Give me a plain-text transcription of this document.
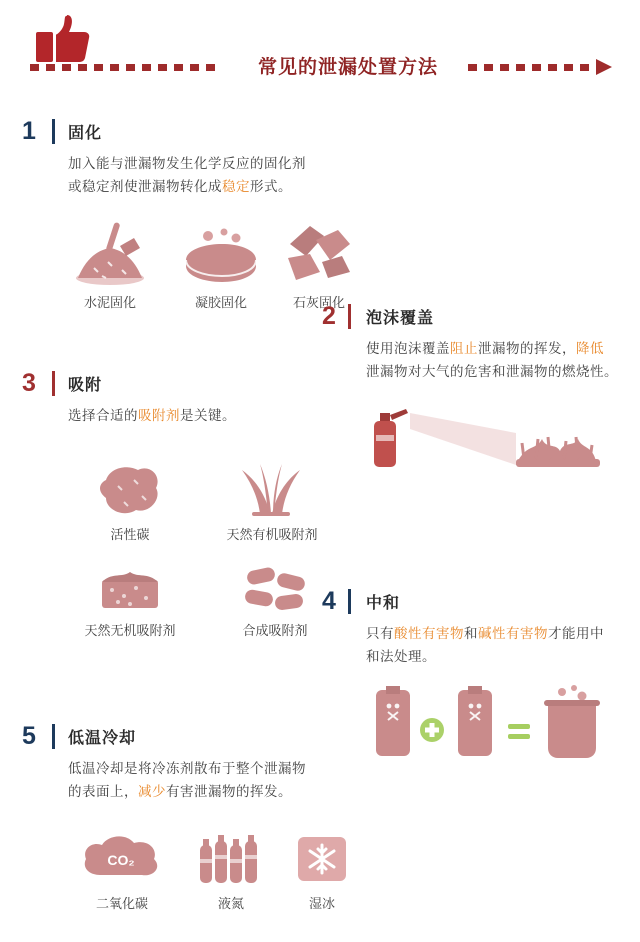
常见的泄漏处置方法
1 固化
加入能与泄漏物发生化学反应的固化剂
或稳定剂使泄漏物转化成稳定形式。
水泥固化	凝胶固化	石灰固化
2 泡沫覆盖
使用泡沫覆盖阻止泄漏物的挥发，降低
泄漏物对大气的危害和泄漏物的燃烧性。
3 吸附
选择合适的吸附剂是关键。
活性碳	天然有机吸附剂
天然无机吸附剂	合成吸附剂
4 中和
只有酸性有害物和碱性有害物才能用中
和法处理。
5 低温冷却
低温冷却是将冷冻剂散布于整个泄漏物
的表面上，减少有害泄漏物的挥发。
CO₂
二氧化碳	液氮	湿冰
